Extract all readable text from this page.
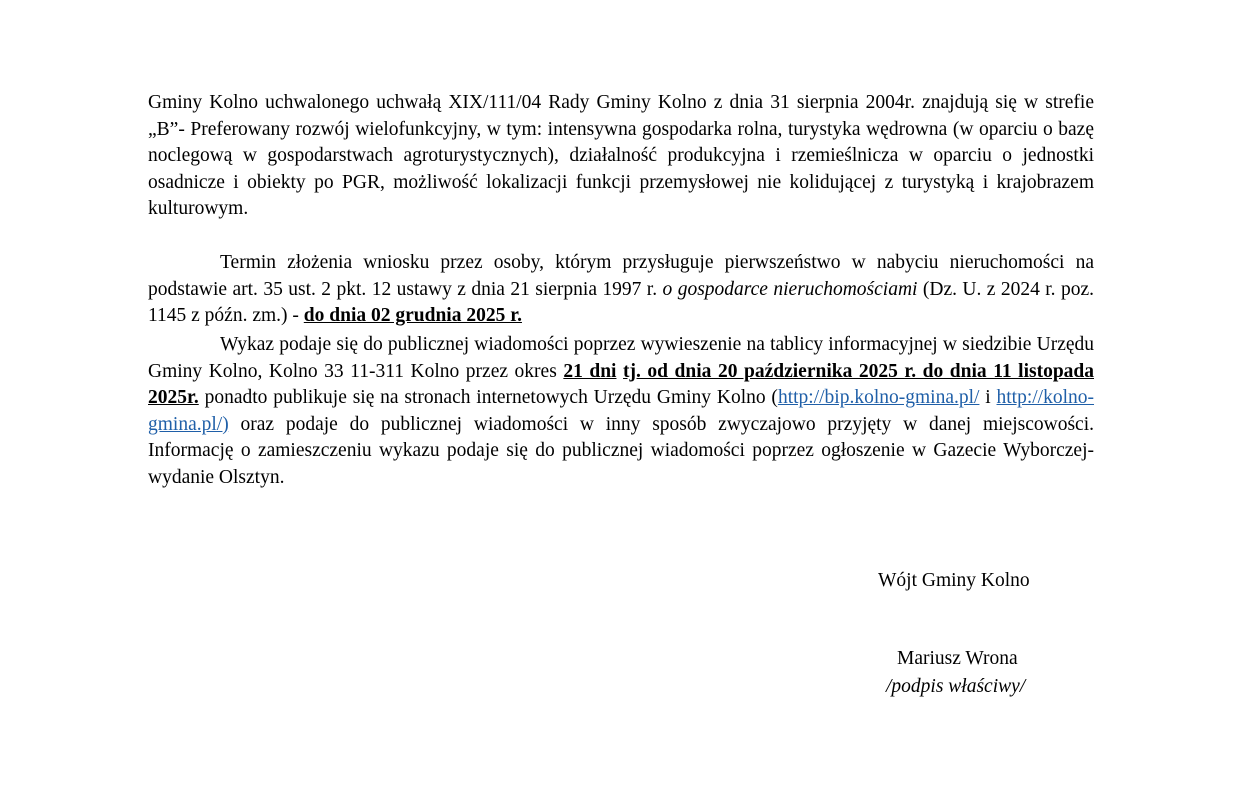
Gminy Kolno uchwalonego uchwałą XIX/111/04 Rady Gminy Kolno z dnia 31 sierpnia 2004r. znajdują się w strefie „B”- Preferowany rozwój wielofunkcyjny, w tym: intensywna gospodarka rolna, turystyka wędrowna (w oparciu o bazę noclegową w gospodarstwach agroturystycznych), działalność produkcyjna i rzemieślnicza w oparciu o jednostki osadnicze i obiekty po PGR, możliwość lokalizacji funkcji przemysłowej nie kolidującej z turystyką i krajobrazem kulturowym.

Termin złożenia wniosku przez osoby, którym przysługuje pierwszeństwo w nabyciu nieruchomości na podstawie art. 35 ust. 2 pkt. 12 ustawy z dnia 21 sierpnia 1997 r. o gospodarce nieruchomościami (Dz. U. z 2024 r. poz. 1145 z późn. zm.) - do dnia 02 grudnia 2025 r.

Wykaz podaje się do publicznej wiadomości poprzez wywieszenie na tablicy informacyjnej w siedzibie Urzędu Gminy Kolno, Kolno 33 11-311 Kolno przez okres 21 dni tj. od dnia 20 października 2025 r. do dnia 11 listopada 2025r. ponadto publikuje się na stronach internetowych Urzędu Gminy Kolno (http://bip.kolno-gmina.pl/ i http://kolno-gmina.pl/) oraz podaje do publicznej wiadomości w inny sposób zwyczajowo przyjęty w danej miejscowości. Informację o zamieszczeniu wykazu podaje się do publicznej wiadomości poprzez ogłoszenie w Gazecie Wyborczej- wydanie Olsztyn.

Wójt Gminy Kolno
Mariusz Wrona
/podpis właściwy/
